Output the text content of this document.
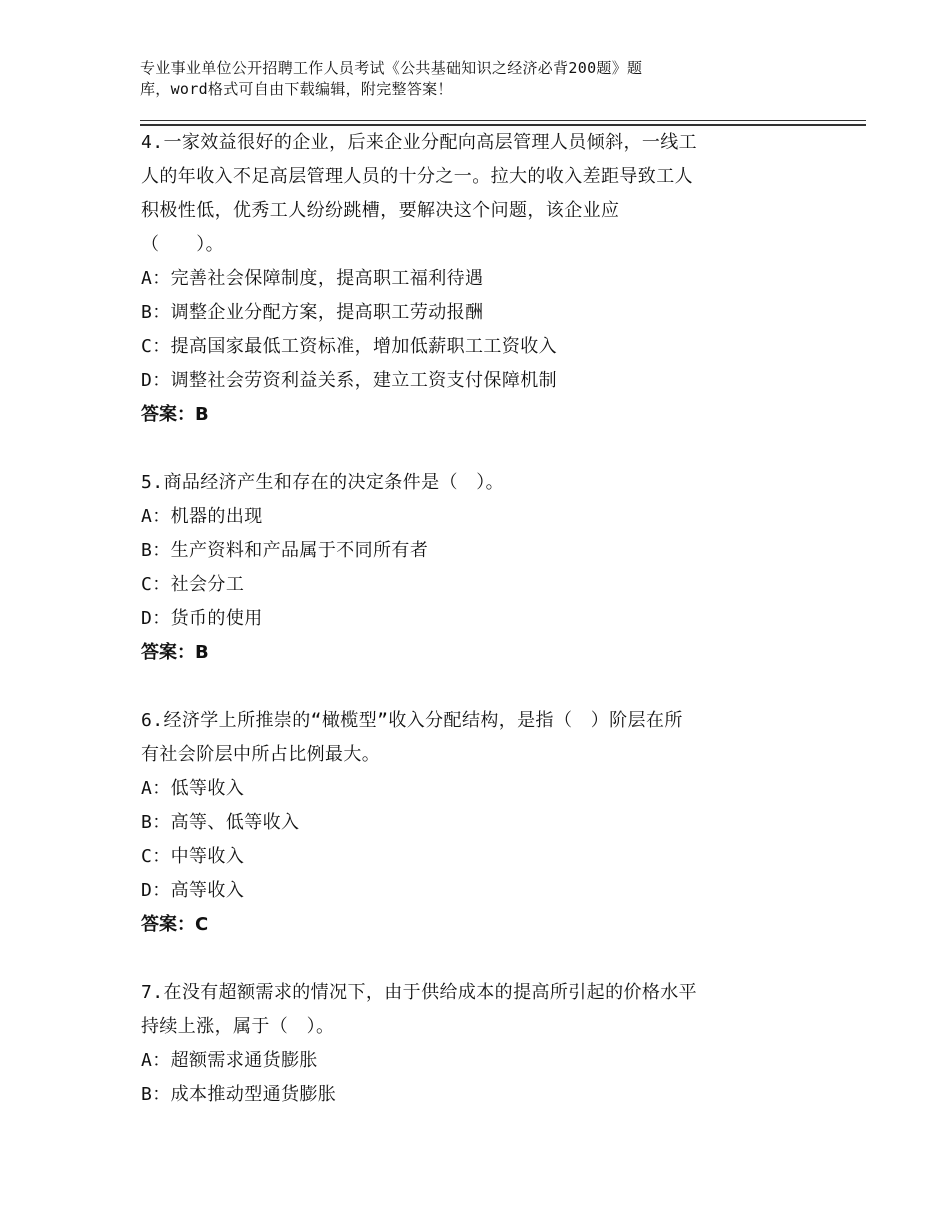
专业事业单位公开招聘工作人员考试《公共基础知识之经济必背200题》题
库，word格式可自由下载编辑，附完整答案！
4.一家效益很好的企业，后来企业分配向高层管理人员倾斜，一线工
人的年收入不足高层管理人员的十分之一。拉大的收入差距导致工人
积极性低，优秀工人纷纷跳槽，要解决这个问题，该企业应
（　　）。
A：完善社会保障制度，提高职工福利待遇
B：调整企业分配方案，提高职工劳动报酬
C：提高国家最低工资标准，增加低薪职工工资收入
D：调整社会劳资利益关系，建立工资支付保障机制
答案：B
5.商品经济产生和存在的决定条件是（　）。
A：机器的出现
B：生产资料和产品属于不同所有者
C：社会分工
D：货币的使用
答案：B
6.经济学上所推崇的“橄榄型”收入分配结构，是指（　）阶层在所
有社会阶层中所占比例最大。
A：低等收入
B：高等、低等收入
C：中等收入
D：高等收入
答案：C
7.在没有超额需求的情况下，由于供给成本的提高所引起的价格水平
持续上涨，属于（　）。
A：超额需求通货膨胀
B：成本推动型通货膨胀
